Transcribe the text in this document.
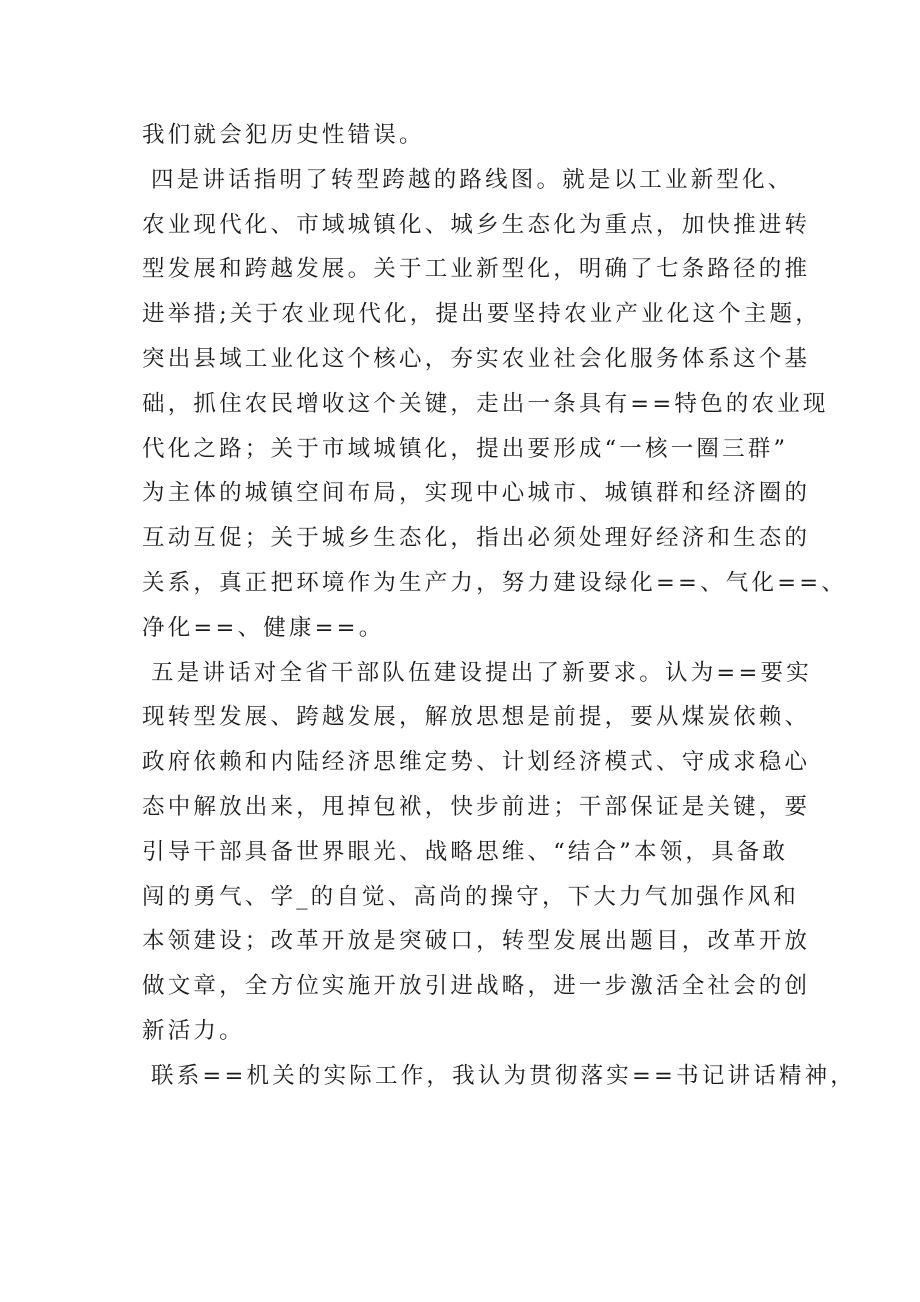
我们就会犯历史性错误。
四是讲话指明了转型跨越的路线图。就是以工业新型化、
农业现代化、市域城镇化、城乡生态化为重点，加快推进转
型发展和跨越发展。关于工业新型化，明确了七条路径的推
进举措;关于农业现代化，提出要坚持农业产业化这个主题，
突出县域工业化这个核心，夯实农业社会化服务体系这个基
础，抓住农民增收这个关键，走出一条具有==特色的农业现
代化之路；关于市域城镇化，提出要形成“一核一圈三群”
为主体的城镇空间布局，实现中心城市、城镇群和经济圈的
互动互促；关于城乡生态化，指出必须处理好经济和生态的
关系，真正把环境作为生产力，努力建设绿化==、气化==、
净化==、健康==。
五是讲话对全省干部队伍建设提出了新要求。认为==要实
现转型发展、跨越发展，解放思想是前提，要从煤炭依赖、
政府依赖和内陆经济思维定势、计划经济模式、守成求稳心
态中解放出来，甩掉包袱，快步前进；干部保证是关键，要
引导干部具备世界眼光、战略思维、“结合”本领，具备敢
闯的勇气、学_的自觉、高尚的操守，下大力气加强作风和
本领建设；改革开放是突破口，转型发展出题目，改革开放
做文章，全方位实施开放引进战略，进一步激活全社会的创
新活力。
联系==机关的实际工作，我认为贯彻落实==书记讲话精神，
